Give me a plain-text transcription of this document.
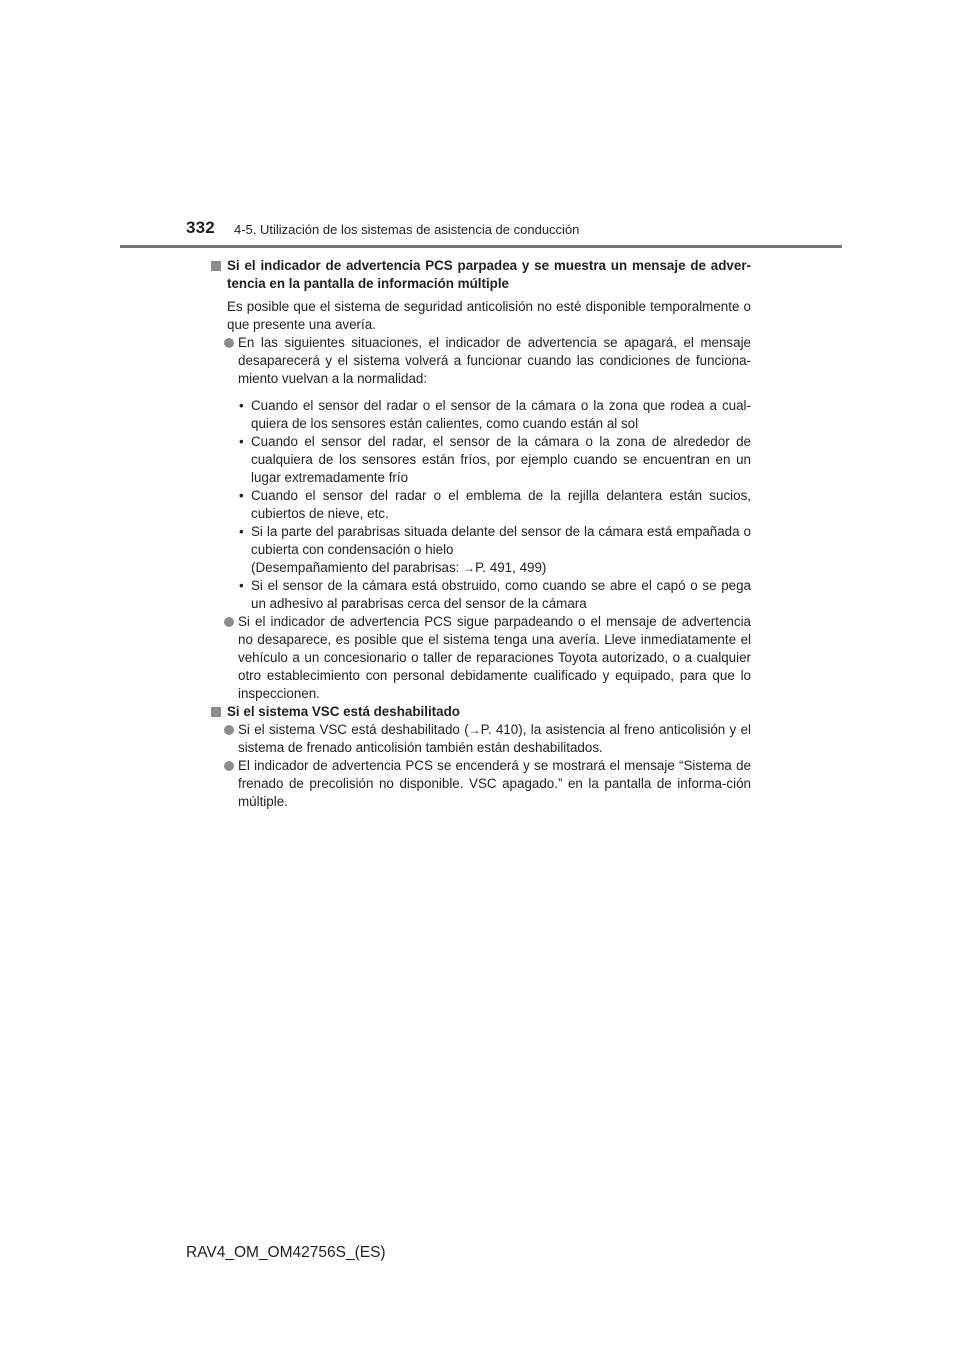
332 4-5. Utilización de los sistemas de asistencia de conducción

Si el indicador de advertencia PCS parpadea y se muestra un mensaje de adver-tencia en la pantalla de información múltiple

Es posible que el sistema de seguridad anticolisión no esté disponible temporalmente o que presente una avería.

En las siguientes situaciones, el indicador de advertencia se apagará, el mensaje desaparecerá y el sistema volverá a funcionar cuando las condiciones de funciona-miento vuelvan a la normalidad:

• Cuando el sensor del radar o el sensor de la cámara o la zona que rodea a cual-quiera de los sensores están calientes, como cuando están al sol
• Cuando el sensor del radar, el sensor de la cámara o la zona de alrededor de cualquiera de los sensores están fríos, por ejemplo cuando se encuentran en un lugar extremadamente frío
• Cuando el sensor del radar o el emblema de la rejilla delantera están sucios, cubiertos de nieve, etc.
• Si la parte del parabrisas situada delante del sensor de la cámara está empañada o cubierta con condensación o hielo
(Desempañamiento del parabrisas: →P. 491, 499)
• Si el sensor de la cámara está obstruido, como cuando se abre el capó o se pega un adhesivo al parabrisas cerca del sensor de la cámara

Si el indicador de advertencia PCS sigue parpadeando o el mensaje de advertencia no desaparece, es posible que el sistema tenga una avería. Lleve inmediatamente el vehículo a un concesionario o taller de reparaciones Toyota autorizado, o a cualquier otro establecimiento con personal debidamente cualificado y equipado, para que lo inspeccionen.

Si el sistema VSC está deshabilitado

Si el sistema VSC está deshabilitado (→P. 410), la asistencia al freno anticolisión y el sistema de frenado anticolisión también están deshabilitados.

El indicador de advertencia PCS se encenderá y se mostrará el mensaje “Sistema de frenado de precolisión no disponible. VSC apagado.” en la pantalla de informa-ción múltiple.

RAV4_OM_OM42756S_(ES)
